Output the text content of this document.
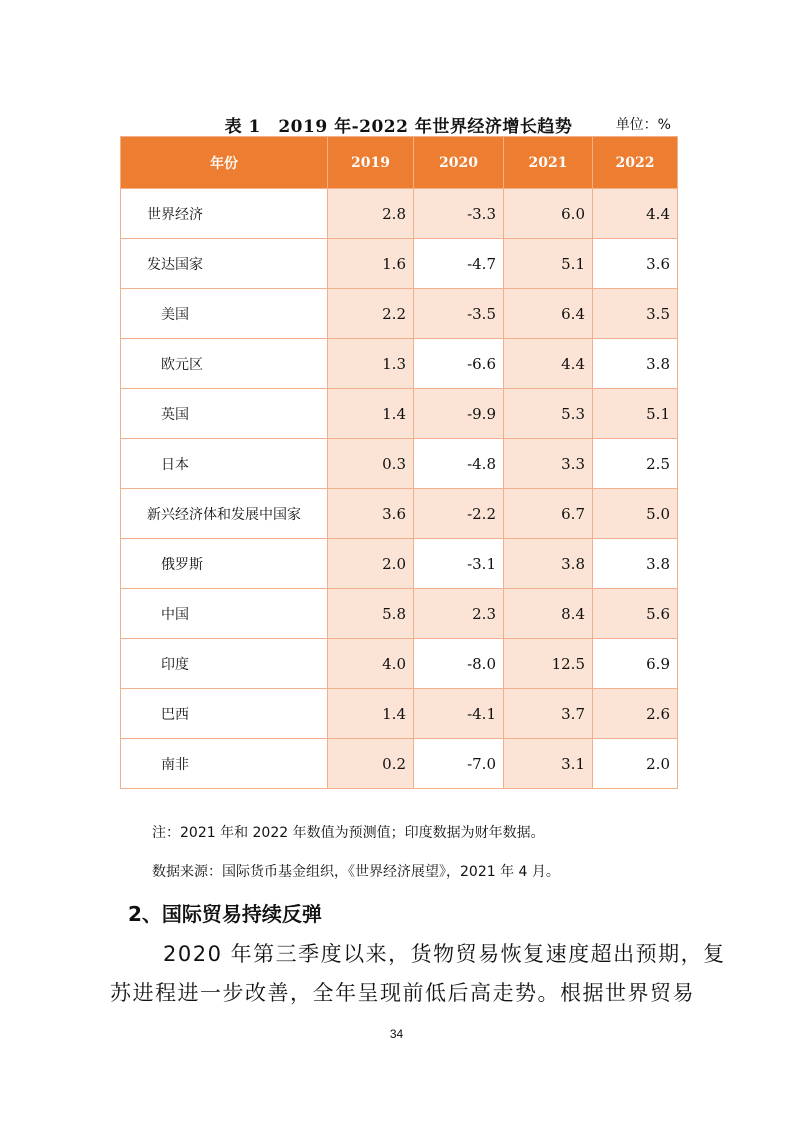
表 1　2019 年-2022 年世界经济增长趋势	单位：%
年份	2019	2020	2021	2022
世界经济	2.8	-3.3	6.0	4.4
发达国家	1.6	-4.7	5.1	3.6
美国	2.2	-3.5	6.4	3.5
欧元区	1.3	-6.6	4.4	3.8
英国	1.4	-9.9	5.3	5.1
日本	0.3	-4.8	3.3	2.5
新兴经济体和发展中国家	3.6	-2.2	6.7	5.0
俄罗斯	2.0	-3.1	3.8	3.8
中国	5.8	2.3	8.4	5.6
印度	4.0	-8.0	12.5	6.9
巴西	1.4	-4.1	3.7	2.6
南非	0.2	-7.0	3.1	2.0
注：2021 年和 2022 年数值为预测值；印度数据为财年数据。
数据来源：国际货币基金组织，《世界经济展望》，2021 年 4 月。
2、国际贸易持续反弹
2020 年第三季度以来，货物贸易恢复速度超出预期，复
苏进程进一步改善，全年呈现前低后高走势。根据世界贸易
34
